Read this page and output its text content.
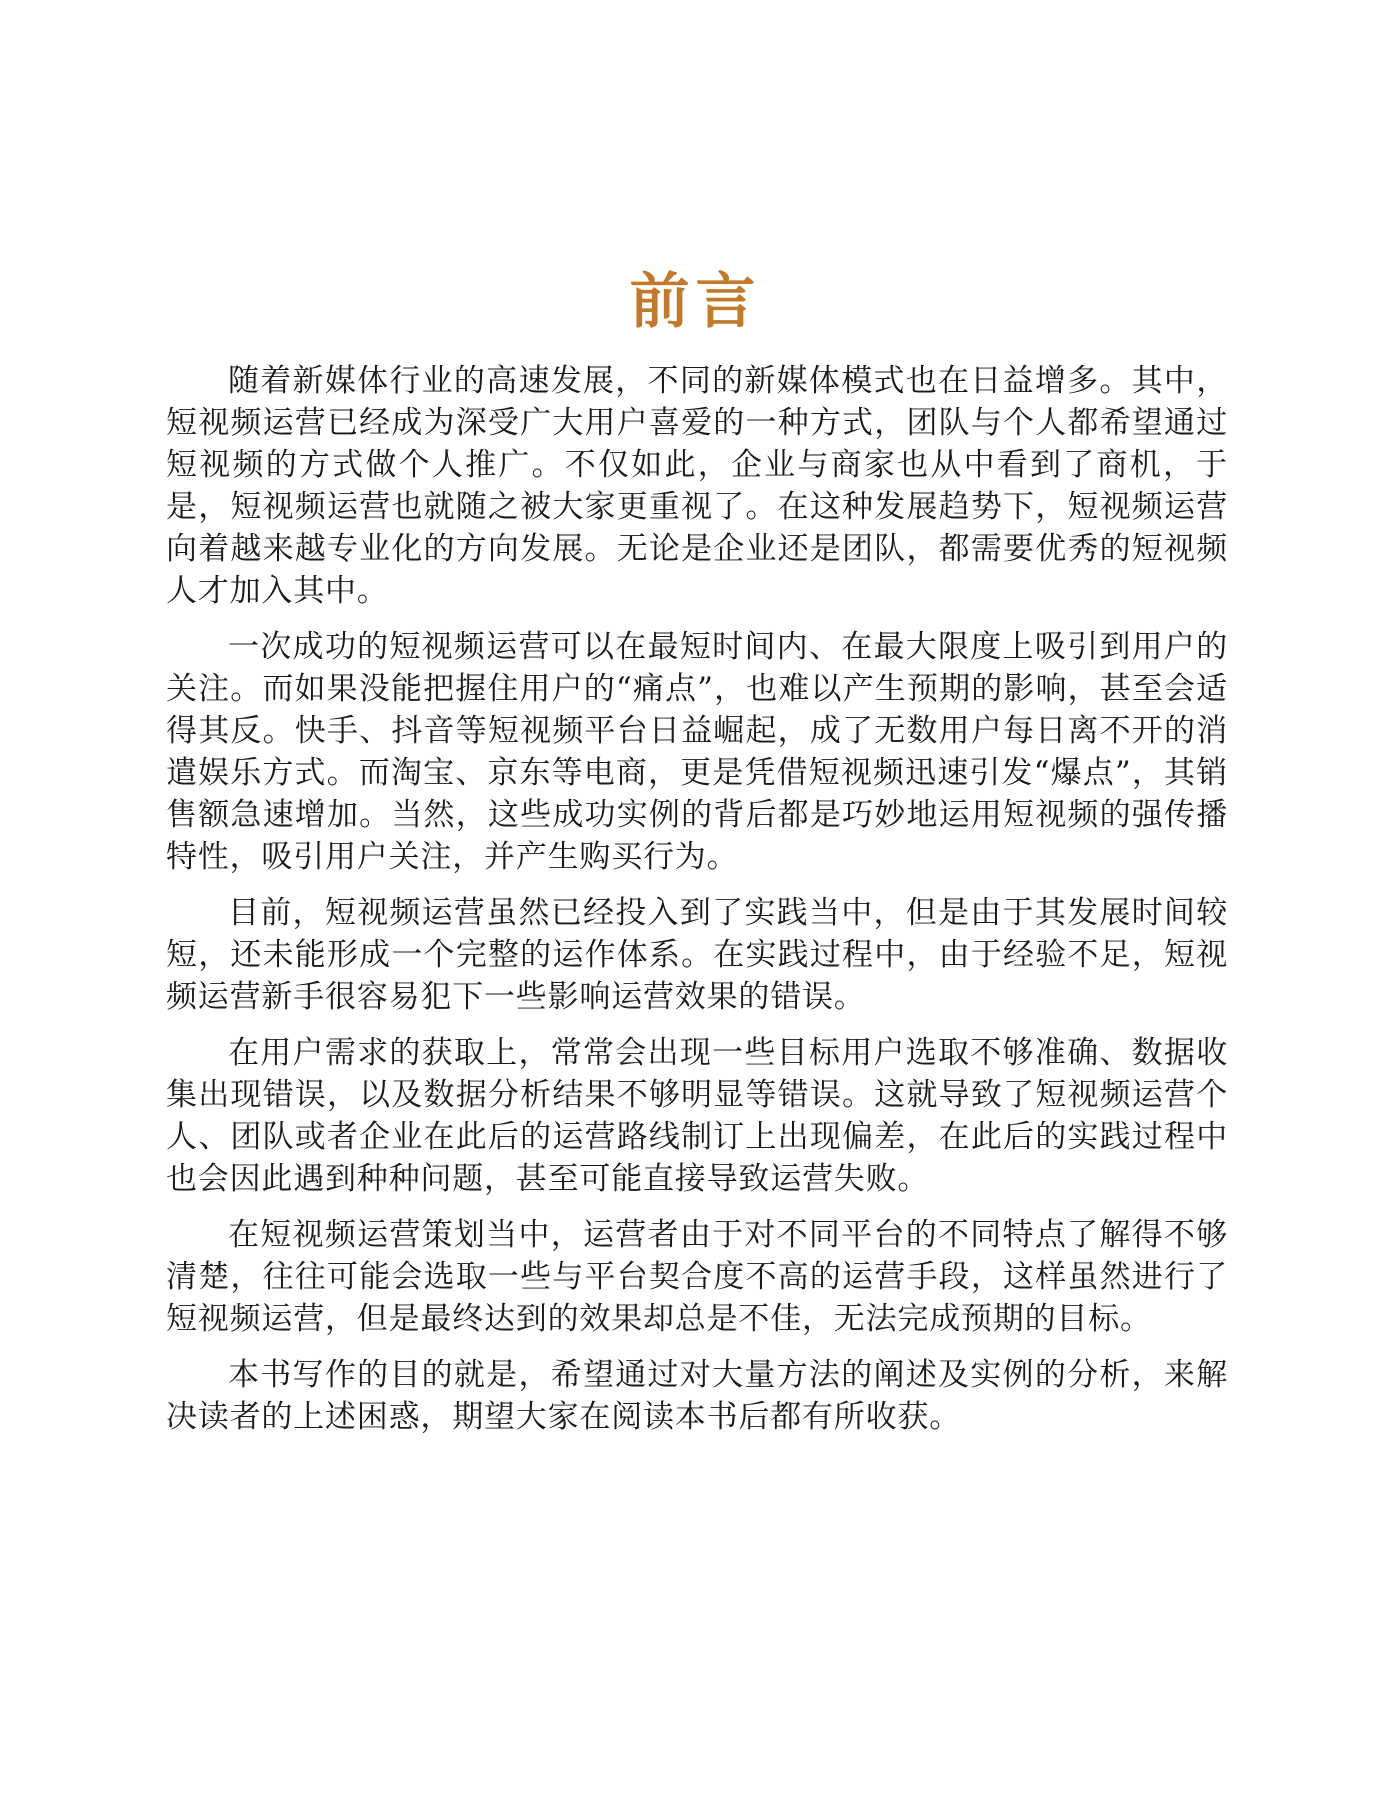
前言

随着新媒体行业的高速发展，不同的新媒体模式也在日益增多。其中，短视频运营已经成为深受广大用户喜爱的一种方式，团队与个人都希望通过短视频的方式做个人推广。不仅如此，企业与商家也从中看到了商机，于是，短视频运营也就随之被大家更重视了。在这种发展趋势下，短视频运营向着越来越专业化的方向发展。无论是企业还是团队，都需要优秀的短视频人才加入其中。

一次成功的短视频运营可以在最短时间内、在最大限度上吸引到用户的关注。而如果没能把握住用户的“痛点”，也难以产生预期的影响，甚至会适得其反。快手、抖音等短视频平台日益崛起，成了无数用户每日离不开的消遣娱乐方式。而淘宝、京东等电商，更是凭借短视频迅速引发“爆点”，其销售额急速增加。当然，这些成功实例的背后都是巧妙地运用短视频的强传播特性，吸引用户关注，并产生购买行为。

目前，短视频运营虽然已经投入到了实践当中，但是由于其发展时间较短，还未能形成一个完整的运作体系。在实践过程中，由于经验不足，短视频运营新手很容易犯下一些影响运营效果的错误。

在用户需求的获取上，常常会出现一些目标用户选取不够准确、数据收集出现错误，以及数据分析结果不够明显等错误。这就导致了短视频运营个人、团队或者企业在此后的运营路线制订上出现偏差，在此后的实践过程中也会因此遇到种种问题，甚至可能直接导致运营失败。

在短视频运营策划当中，运营者由于对不同平台的不同特点了解得不够清楚，往往可能会选取一些与平台契合度不高的运营手段，这样虽然进行了短视频运营，但是最终达到的效果却总是不佳，无法完成预期的目标。

本书写作的目的就是，希望通过对大量方法的阐述及实例的分析，来解决读者的上述困惑，期望大家在阅读本书后都有所收获。
